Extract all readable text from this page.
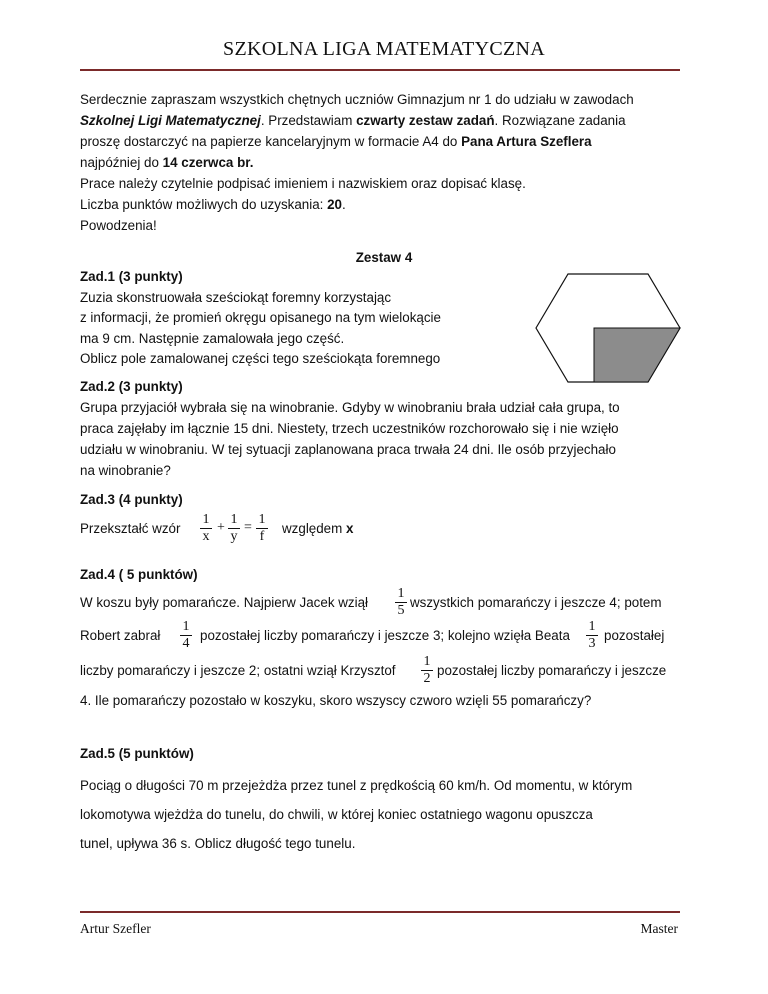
SZKOLNA LIGA MATEMATYCZNA
Serdecznie zapraszam wszystkich chętnych uczniów Gimnazjum nr 1 do udziału w zawodach
Szkolnej Ligi Matematycznej. Przedstawiam czwarty zestaw zadań. Rozwiązane zadania
proszę dostarczyć na papierze kancelaryjnym w formacie A4 do Pana Artura Szeflera
najpóźniej do 14 czerwca br.
Prace należy czytelnie podpisać imieniem i nazwiskiem oraz dopisać klasę.
Liczba punktów możliwych do uzyskania: 20.
Powodzenia!
Zestaw 4
Zad.1 (3 punkty)
Zuzia skonstruowała sześciokąt foremny korzystając
z informacji, że promień okręgu opisanego na tym wielokącie
ma 9 cm. Następnie zamalowała jego część.
Oblicz pole zamalowanej części tego sześciokąta foremnego
Zad.2 (3 punkty)
Grupa przyjaciół wybrała się na winobranie. Gdyby w winobraniu brała udział cała grupa, to
praca zajęłaby im łącznie 15 dni. Niestety, trzech uczestników rozchorowało się i nie wzięło
udziału w winobraniu. W tej sytuacji zaplanowana praca trwała 24 dni. Ile osób przyjechało
na winobranie?
Zad.3 (4 punkty)
Przekształć wzór $\frac{1}{x} + \frac{1}{y} = \frac{1}{f}$ względem x
Zad.4 ( 5 punktów)
W koszu były pomarańcze. Najpierw Jacek wziął $\frac{1}{5}$ wszystkich pomarańczy i jeszcze 4; potem
Robert zabrał $\frac{1}{4}$ pozostałej liczby pomarańczy i jeszcze 3; kolejno wzięła Beata $\frac{1}{3}$ pozostałej
liczby pomarańczy i jeszcze 2; ostatni wziął Krzysztof $\frac{1}{2}$ pozostałej liczby pomarańczy i jeszcze
4. Ile pomarańczy pozostało w koszyku, skoro wszyscy czworo wzięli 55 pomarańczy?
Zad.5 (5 punktów)
Pociąg o długości 70 m przejeżdża przez tunel z prędkością 60 km/h. Od momentu, w którym
lokomotywa wjeżdża do tunelu, do chwili, w której koniec ostatniego wagonu opuszcza
tunel, upływa 36 s. Oblicz długość tego tunelu.
Artur Szefler	Master
